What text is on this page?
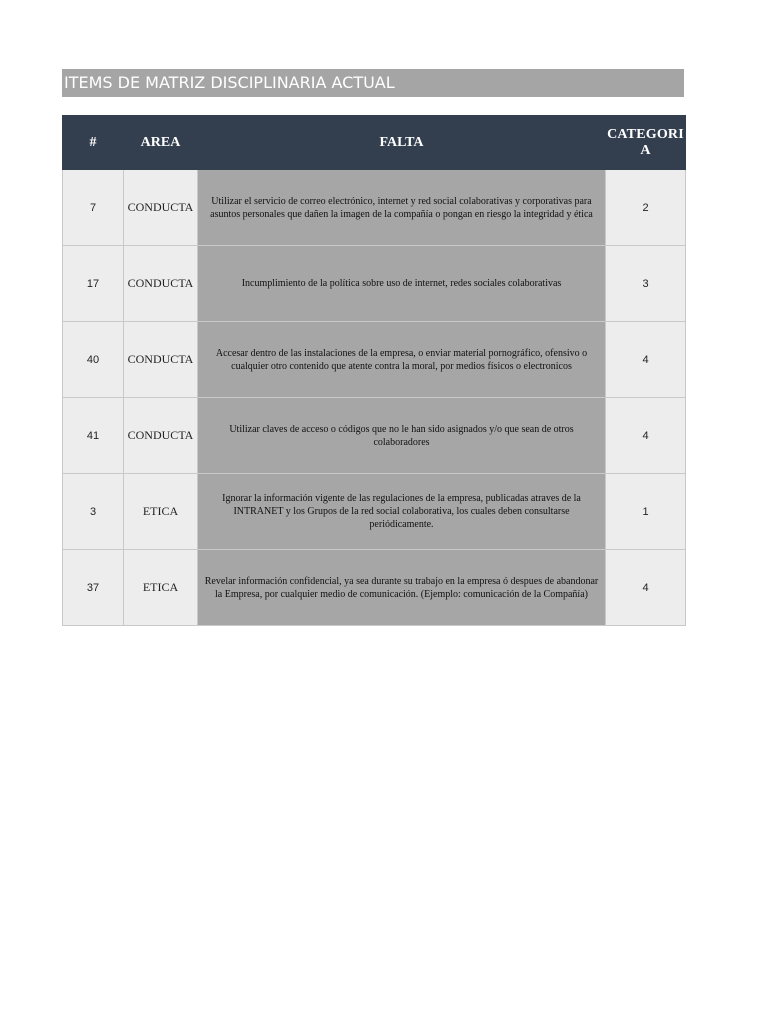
ITEMS DE MATRIZ DISCIPLINARIA ACTUAL
#	AREA	FALTA	CATEGORIA
7	CONDUCTA	Utilizar el servicio de correo electrónico, internet y red social colaborativas y corporativas para asuntos personales que dañen la imagen de la compañía o pongan en riesgo la integridad y ética	2
17	CONDUCTA	Incumplimiento de la política sobre uso de internet, redes sociales colaborativas	3
40	CONDUCTA	Accesar dentro de las instalaciones de la empresa, o enviar material pornográfico, ofensivo o cualquier otro contenido que atente contra la moral, por medios físicos o electronicos	4
41	CONDUCTA	Utilizar claves de acceso o códigos que no le han sido asignados y/o que sean de otros colaboradores	4
3	ETICA	Ignorar la información vigente de las regulaciones de la empresa, publicadas atraves de la INTRANET y los Grupos de la red social colaborativa, los cuales deben consultarse periódicamente.	1
37	ETICA	Revelar información confidencial, ya sea durante su trabajo en la empresa ó despues de abandonar la Empresa, por cualquier medio de comunicación. (Ejemplo: comunicación de la Compañía)	4
